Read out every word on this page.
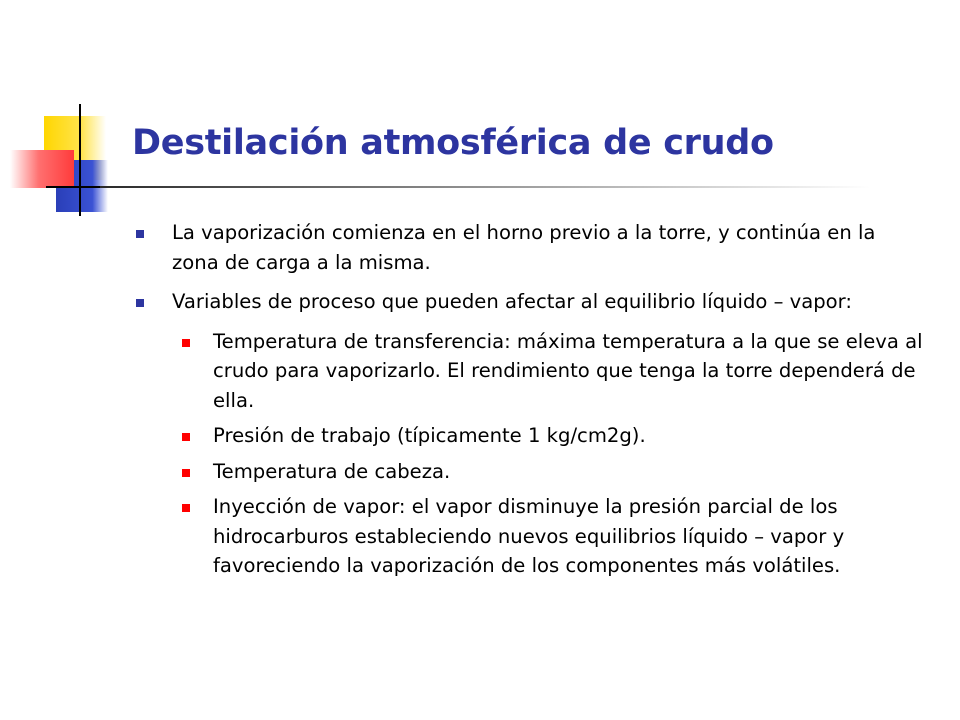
Destilación atmosférica de crudo
La vaporización comienza en el horno previo a la torre, y continúa en la zona de carga a la misma.
Variables de proceso que pueden afectar al equilibrio líquido – vapor:
Temperatura de transferencia: máxima temperatura a la que se eleva al crudo para vaporizarlo. El rendimiento que tenga la torre dependerá de ella.
Presión de trabajo (típicamente 1 kg/cm2g).
Temperatura de cabeza.
Inyección de vapor: el vapor disminuye la presión parcial de los hidrocarburos estableciendo nuevos equilibrios líquido – vapor y favoreciendo la vaporización de los componentes más volátiles.
